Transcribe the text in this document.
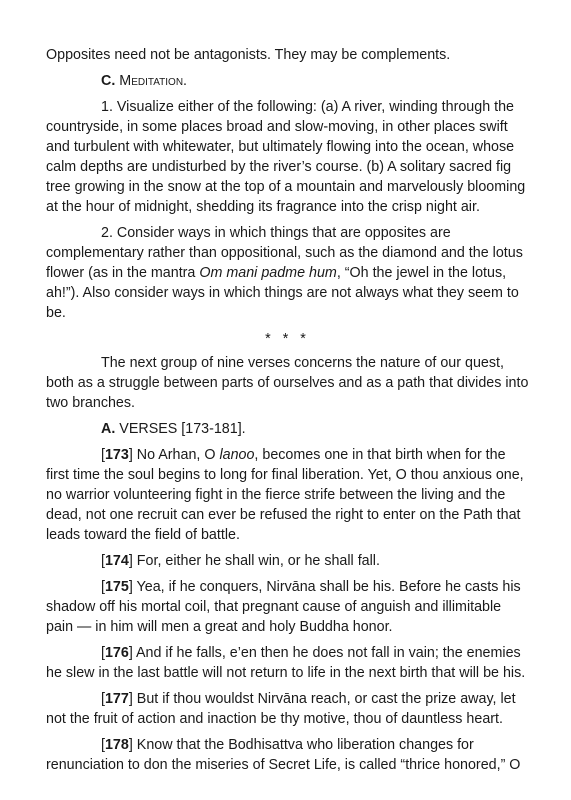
Opposites need not be antagonists. They may be complements.

C. Meditation.

1. Visualize either of the following: (a) A river, winding through the countryside, in some places broad and slow-moving, in other places swift and turbulent with whitewater, but ultimately flowing into the ocean, whose calm depths are undisturbed by the river’s course. (b) A solitary sacred fig tree growing in the snow at the top of a mountain and marvelously blooming at the hour of midnight, shedding its fragrance into the crisp night air.

2. Consider ways in which things that are opposites are complementary rather than oppositional, such as the diamond and the lotus flower (as in the mantra Om mani padme hum, “Oh the jewel in the lotus, ah!”). Also consider ways in which things are not always what they seem to be.

* * *

The next group of nine verses concerns the nature of our quest, both as a struggle between parts of ourselves and as a path that divides into two branches.

A. VERSES [173-181].

[173] No Arhan, O lanoo, becomes one in that birth when for the first time the soul begins to long for final liberation. Yet, O thou anxious one, no warrior volunteering fight in the fierce strife between the living and the dead, not one recruit can ever be refused the right to enter on the Path that leads toward the field of battle.

[174] For, either he shall win, or he shall fall.

[175] Yea, if he conquers, Nirvāna shall be his. Before he casts his shadow off his mortal coil, that pregnant cause of anguish and illimitable pain — in him will men a great and holy Buddha honor.

[176] And if he falls, e’en then he does not fall in vain; the enemies he slew in the last battle will not return to life in the next birth that will be his.

[177] But if thou wouldst Nirvāna reach, or cast the prize away, let not the fruit of action and inaction be thy motive, thou of dauntless heart.

[178] Know that the Bodhisattva who liberation changes for renunciation to don the miseries of Secret Life, is called “thrice honored,” O
